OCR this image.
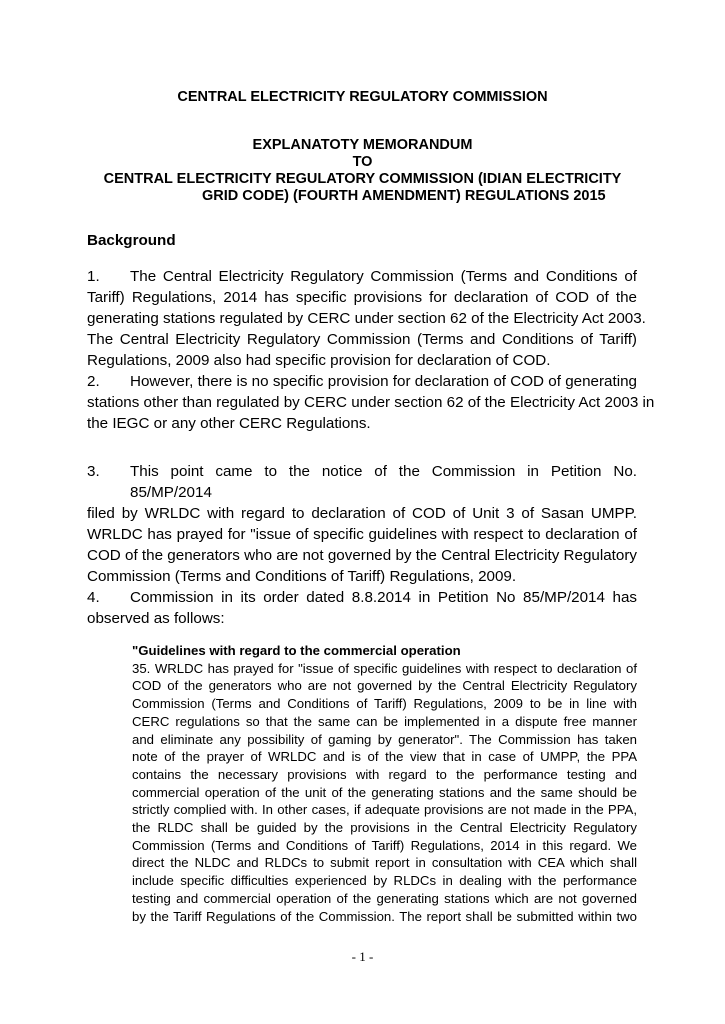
CENTRAL ELECTRICITY REGULATORY COMMISSION
EXPLANATOTY MEMORANDUM
TO
CENTRAL ELECTRICITY REGULATORY COMMISSION (IDIAN ELECTRICITY
GRID CODE) (FOURTH AMENDMENT) REGULATIONS 2015
Background
1.	The Central Electricity Regulatory Commission (Terms and Conditions of
Tariff) Regulations, 2014 has specific provisions for declaration of COD of the
generating stations regulated by CERC under section 62 of the Electricity Act 2003.
The Central Electricity Regulatory Commission (Terms and Conditions of Tariff)
Regulations, 2009 also had specific provision for declaration of COD.
2.	However, there is no specific provision for declaration of COD of generating
stations other than regulated by CERC under section 62 of the Electricity Act 2003 in
the IEGC or any other CERC Regulations.
3.	This point came to the notice of the Commission in Petition No. 85/MP/2014
filed by WRLDC with regard to declaration of COD of Unit 3 of Sasan UMPP.
WRLDC has prayed for "issue of specific guidelines with respect to declaration of
COD of the generators who are not governed by the Central Electricity Regulatory
Commission (Terms and Conditions of Tariff) Regulations, 2009.
4.	Commission in its order dated 8.8.2014 in Petition No 85/MP/2014 has
observed as follows:
"Guidelines with regard to the commercial operation
35. WRLDC has prayed for "issue of specific guidelines with respect to declaration of
COD of the generators who are not governed by the Central Electricity Regulatory
Commission (Terms and Conditions of Tariff) Regulations, 2009 to be in line with
CERC regulations so that the same can be implemented in a dispute free manner
and eliminate any possibility of gaming by generator". The Commission has taken
note of the prayer of WRLDC and is of the view that in case of UMPP, the PPA
contains the necessary provisions with regard to the performance testing and
commercial operation of the unit of the generating stations and the same should be
strictly complied with. In other cases, if adequate provisions are not made in the PPA,
the RLDC shall be guided by the provisions in the Central Electricity Regulatory
Commission (Terms and Conditions of Tariff) Regulations, 2014 in this regard. We
direct the NLDC and RLDCs to submit report in consultation with CEA which shall
include specific difficulties experienced by RLDCs in dealing with the performance
testing and commercial operation of the generating stations which are not governed
by the Tariff Regulations of the Commission. The report shall be submitted within two
- 1 -
